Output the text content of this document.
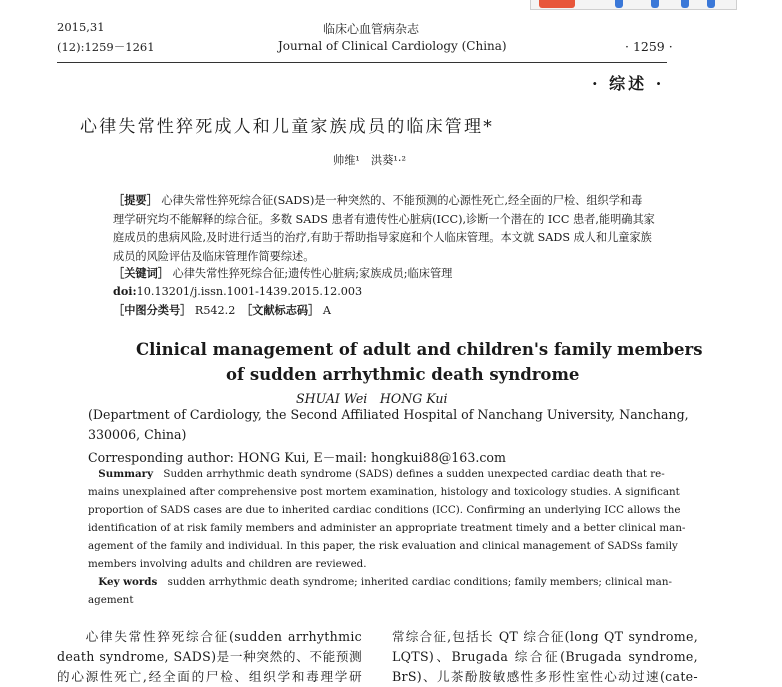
2015,31
(12):1259－1261
临床心血管病杂志
Journal of Clinical Cardiology (China)	· 1259 ·
· 综述 ·
心律失常性猝死成人和儿童家族成员的临床管理*
帅维¹　洪葵¹·²
［提要］ 心律失常性猝死综合征(SADS)是一种突然的、不能预测的心源性死亡,经全面的尸检、组织学和毒
理学研究均不能解释的综合征。多数 SADS 患者有遗传性心脏病(ICC),诊断一个潜在的 ICC 患者,能明确其家
庭成员的患病风险,及时进行适当的治疗,有助于帮助指导家庭和个人临床管理。本文就 SADS 成人和儿童家族
成员的风险评估及临床管理作简要综述。
［关键词］ 心律失常性猝死综合征;遗传性心脏病;家族成员;临床管理
doi:10.13201/j.issn.1001-1439.2015.12.003
［中图分类号］ R542.2　 ［文献标志码］ A
Clinical management of adult and children's family members
of sudden arrhythmic death syndrome
SHUAI Wei　HONG Kui
(Department of Cardiology, the Second Affiliated Hospital of Nanchang University, Nanchang,
330006, China)
Corresponding author: HONG Kui, E－mail: hongkui88@163.com
　Summary　 Sudden arrhythmic death syndrome (SADS) defines a sudden unexpected cardiac death that re-
mains unexplained after comprehensive post mortem examination, histology and toxicology studies. A significant
proportion of SADS cases are due to inherited cardiac conditions (ICC). Confirming an underlying ICC allows the
identification of at risk family members and administer an appropriate treatment timely and a better clinical man-
agement of the family and individual. In this paper, the risk evaluation and clinical management of SADSs family
members involving adults and children are reviewed.
　Key words　 sudden arrhythmic death syndrome; inherited cardiac conditions; family members; clinical man-
agement
　　心律失常性猝死综合征(sudden arrhythmic
death syndrome, SADS)是一种突然的、不能预测
的心源性死亡,经全面的尸检、组织学和毒理学研
常综合征,包括长 QT 综合征(long QT syndrome,
LQTS)、Brugada 综合征(Brugada syndrome,
BrS)、儿茶酚胺敏感性多形性室性心动过速(cate-
